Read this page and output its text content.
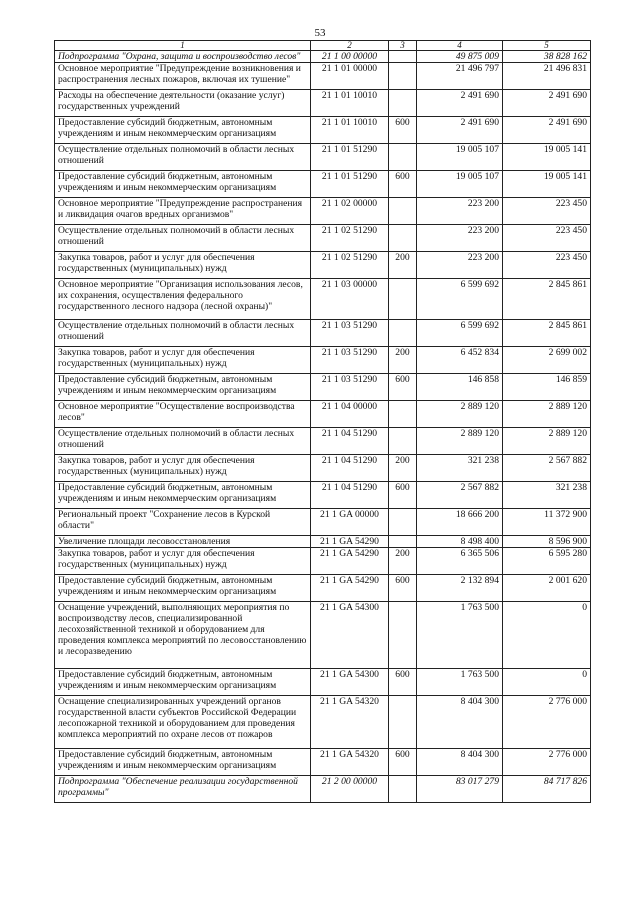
53
1	2	3	4	5
Подпрограмма "Охрана, защита и воспроизводство лесов"	21 1 00 00000		49 875 009	38 828 162
Основное мероприятие "Предупреждение возникновения и распространения лесных пожаров, включая их тушение"	21 1 01 00000		21 496 797	21 496 831
Расходы на обеспечение деятельности (оказание услуг) государственных учреждений	21 1 01 10010		2 491 690	2 491 690
Предоставление субсидий бюджетным, автономным учреждениям и иным некоммерческим организациям	21 1 01 10010	600	2 491 690	2 491 690
Осуществление отдельных полномочий в области лесных отношений	21 1 01 51290		19 005 107	19 005 141
Предоставление субсидий бюджетным, автономным учреждениям и иным некоммерческим организациям	21 1 01 51290	600	19 005 107	19 005 141
Основное мероприятие "Предупреждение распространения и ликвидация очагов вредных организмов"	21 1 02 00000		223 200	223 450
Осуществление отдельных полномочий в области лесных отношений	21 1 02 51290		223 200	223 450
Закупка товаров, работ и услуг для обеспечения государственных (муниципальных) нужд	21 1 02 51290	200	223 200	223 450
Основное мероприятие "Организация использования лесов, их сохранения, осуществления федерального государственного лесного надзора (лесной охраны)"	21 1 03 00000		6 599 692	2 845 861
Осуществление отдельных полномочий в области лесных отношений	21 1 03 51290		6 599 692	2 845 861
Закупка товаров, работ и услуг для обеспечения государственных (муниципальных) нужд	21 1 03 51290	200	6 452 834	2 699 002
Предоставление субсидий бюджетным, автономным учреждениям и иным некоммерческим организациям	21 1 03 51290	600	146 858	146 859
Основное мероприятие "Осуществление воспроизводства лесов"	21 1 04 00000		2 889 120	2 889 120
Осуществление отдельных полномочий в области лесных отношений	21 1 04 51290		2 889 120	2 889 120
Закупка товаров, работ и услуг для обеспечения государственных (муниципальных) нужд	21 1 04 51290	200	321 238	2 567 882
Предоставление субсидий бюджетным, автономным учреждениям и иным некоммерческим организациям	21 1 04 51290	600	2 567 882	321 238
Региональный проект "Сохранение лесов в Курской области"	21 1 GA 00000		18 666 200	11 372 900
Увеличение площади лесовосстановления	21 1 GA 54290		8 498 400	8 596 900
Закупка товаров, работ и услуг для обеспечения государственных (муниципальных) нужд	21 1 GA 54290	200	6 365 506	6 595 280
Предоставление субсидий бюджетным, автономным учреждениям и иным некоммерческим организациям	21 1 GA 54290	600	2 132 894	2 001 620
Оснащение учреждений, выполняющих мероприятия по воспроизводству лесов, специализированной лесохозяйственной техникой и оборудованием для проведения комплекса мероприятий по лесовосстановлению и лесоразведению	21 1 GA 54300		1 763 500	0
Предоставление субсидий бюджетным, автономным учреждениям и иным некоммерческим организациям	21 1 GA 54300	600	1 763 500	0
Оснащение специализированных учреждений органов государственной власти субъектов Российской Федерации лесопожарной техникой и оборудованием для проведения комплекса мероприятий по охране лесов от пожаров	21 1 GA 54320		8 404 300	2 776 000
Предоставление субсидий бюджетным, автономным учреждениям и иным некоммерческим организациям	21 1 GA 54320	600	8 404 300	2 776 000
Подпрограмма "Обеспечение реализации государственной программы"	21 2 00 00000		83 017 279	84 717 826
